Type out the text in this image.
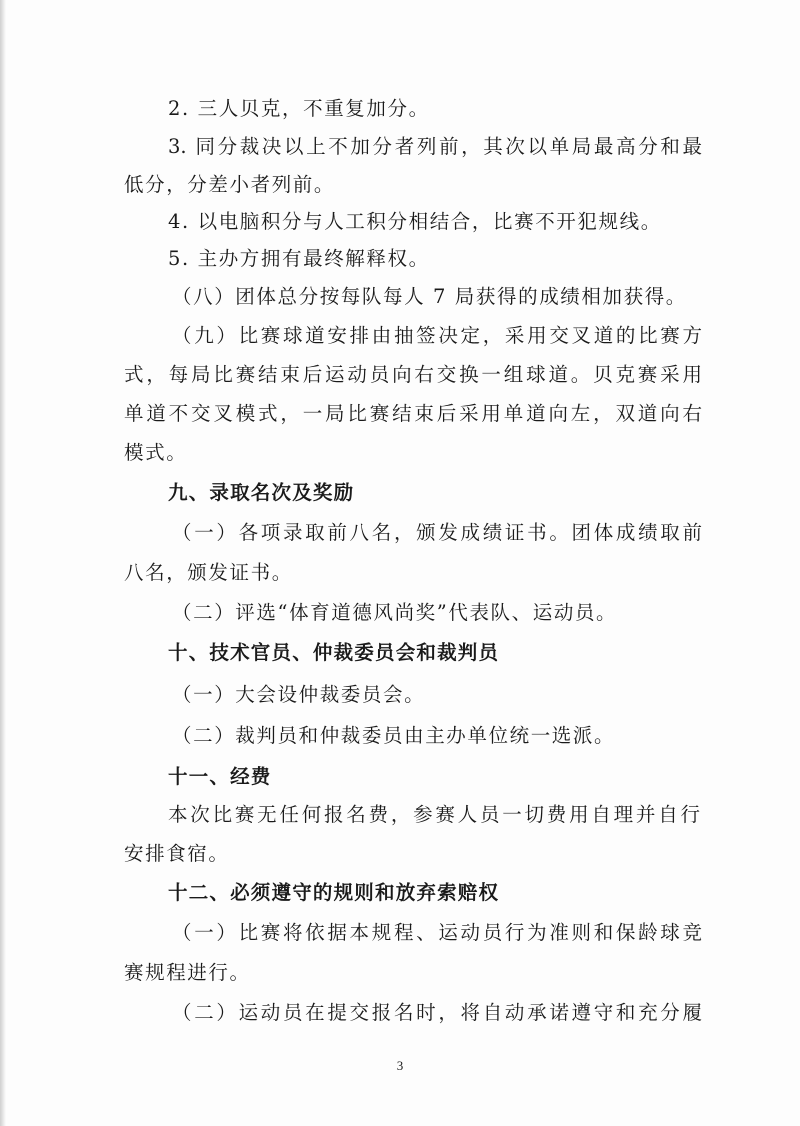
2. 三人贝克，不重复加分。
3. 同分裁决以上不加分者列前，其次以单局最高分和最
低分，分差小者列前。
4. 以电脑积分与人工积分相结合，比赛不开犯规线。
5. 主办方拥有最终解释权。
（八）团体总分按每队每人 7 局获得的成绩相加获得。
（九）比赛球道安排由抽签决定，采用交叉道的比赛方
式，每局比赛结束后运动员向右交换一组球道。贝克赛采用
单道不交叉模式，一局比赛结束后采用单道向左，双道向右
模式。
九、录取名次及奖励
（一）各项录取前八名，颁发成绩证书。团体成绩取前
八名，颁发证书。
（二）评选“体育道德风尚奖”代表队、运动员。
十、技术官员、仲裁委员会和裁判员
（一）大会设仲裁委员会。
（二）裁判员和仲裁委员由主办单位统一选派。
十一、经费
本次比赛无任何报名费，参赛人员一切费用自理并自行
安排食宿。
十二、必须遵守的规则和放弃索赔权
（一）比赛将依据本规程、运动员行为准则和保龄球竞
赛规程进行。
（二）运动员在提交报名时，将自动承诺遵守和充分履
3
